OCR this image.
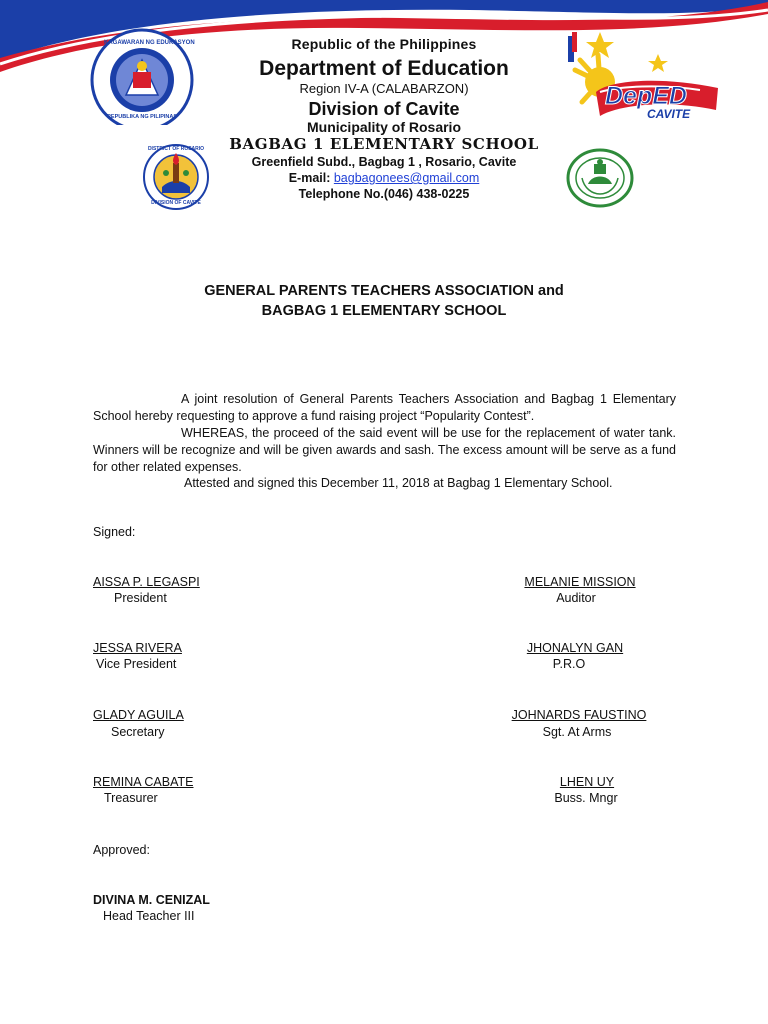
KAGAWARAN NG EDUKASYON
REPUBLIKA NG PILIPINAS
DepED
CAVITE
Republic of the Philippines
Department of Education
Region IV-A (CALABARZON)
Division of Cavite
Municipality of Rosario
BAGBAG 1 ELEMENTARY SCHOOL
Greenfield Subd., Bagbag 1 , Rosario, Cavite
E-mail: bagbagonees@gmail.com
Telephone No.(046) 438-0225
DISTRICT OF ROSARIO
DIVISION OF CAVITE
GENERAL PARENTS TEACHERS ASSOCIATION and
BAGBAG 1 ELEMENTARY SCHOOL
A joint resolution of General Parents Teachers Association and Bagbag 1 Elementary School hereby requesting to approve a fund raising project “Popularity Contest”.
WHEREAS, the proceed of the said event will be use for the replacement of water tank. Winners will be recognize and will be given awards and sash. The excess amount will be serve as a fund for other related expenses.
Attested and signed this December 11, 2018 at Bagbag 1 Elementary School.
Signed:
AISSA P. LEGASPI
President
JESSA RIVERA
Vice President
GLADY AGUILA
Secretary
REMINA CABATE
Treasurer
MELANIE MISSION
Auditor
JHONALYN GAN
P.R.O
JOHNARDS FAUSTINO
Sgt. At Arms
LHEN UY
Buss. Mngr
Approved:
DIVINA M. CENIZAL
Head Teacher III
